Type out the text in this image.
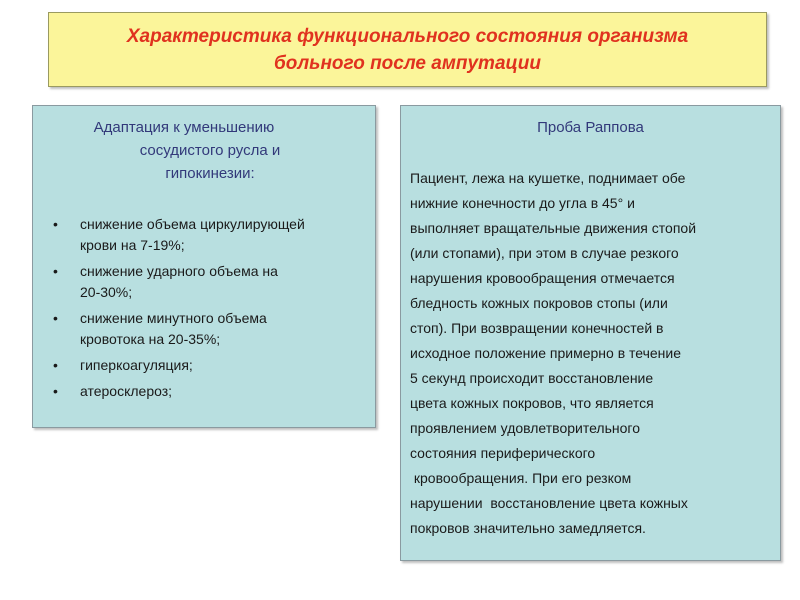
Характеристика функционального состояния организма
больного после ампутации
Адаптация к уменьшению
сосудистого русла и
гипокинезии:
• снижение объема циркулирующей
крови на 7-19%;
• снижение ударного объема на
20-30%;
• снижение минутного объема
кровотока на 20-35%;
• гиперкоагуляция;
• атеросклероз;
Проба Раппова
Пациент, лежа на кушетке, поднимает обе
нижние конечности до угла в 45° и
выполняет вращательные движения стопой
(или стопами), при этом в случае резкого
нарушения кровообращения отмечается
бледность кожных покровов стопы (или
стоп). При возвращении конечностей в
исходное положение примерно в течение
5 секунд происходит восстановление
цвета кожных покровов, что является
проявлением удовлетворительного
состояния периферического
кровообращения. При его резком
нарушении  восстановление цвета кожных
покровов значительно замедляется.
